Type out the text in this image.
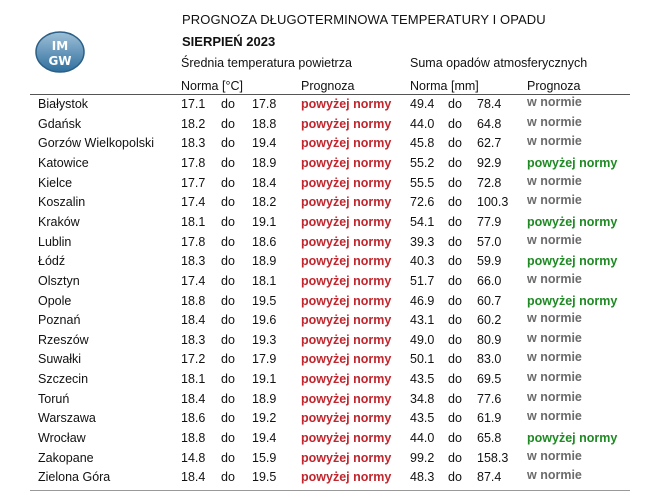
IM
GW
PROGNOZA DŁUGOTERMINOWA TEMPERATURY I OPADU
SIERPIEŃ 2023
Średnia temperatura powietrza	Suma opadów atmosferycznych
Norma [°C]	Prognoza	Norma [mm]	Prognoza
Białystok	17.1 do 17.8 powyżej normy 49.4 do 78.4 w normie
Gdańsk	18.2 do 18.8 powyżej normy 44.0 do 64.8 w normie
Gorzów Wielkopolski 18.3 do 19.4 powyżej normy 45.8 do 62.7 w normie
Katowice	17.8 do 18.9 powyżej normy 55.2 do 92.9 powyżej normy
Kielce	17.7 do 18.4 powyżej normy 55.5 do 72.8 w normie
Koszalin	17.4 do 18.2 powyżej normy 72.6 do 100.3 w normie
Kraków	18.1 do 19.1 powyżej normy 54.1 do 77.9 powyżej normy
Lublin	17.8 do 18.6 powyżej normy 39.3 do 57.0 w normie
Łódź	18.3 do 18.9 powyżej normy 40.3 do 59.9 powyżej normy
Olsztyn	17.4 do 18.1 powyżej normy 51.7 do 66.0 w normie
Opole	18.8 do 19.5 powyżej normy 46.9 do 60.7 powyżej normy
Poznań	18.4 do 19.6 powyżej normy 43.1 do 60.2 w normie
Rzeszów	18.3 do 19.3 powyżej normy 49.0 do 80.9 w normie
Suwałki	17.2 do 17.9 powyżej normy 50.1 do 83.0 w normie
Szczecin	18.1 do 19.1 powyżej normy 43.5 do 69.5 w normie
Toruń	18.4 do 18.9 powyżej normy 34.8 do 77.6 w normie
Warszawa	18.6 do 19.2 powyżej normy 43.5 do 61.9 w normie
Wrocław	18.8 do 19.4 powyżej normy 44.0 do 65.8 powyżej normy
Zakopane	14.8 do 15.9 powyżej normy 99.2 do 158.3 w normie
Zielona Góra	18.4 do 19.5 powyżej normy 48.3 do 87.4 w normie
